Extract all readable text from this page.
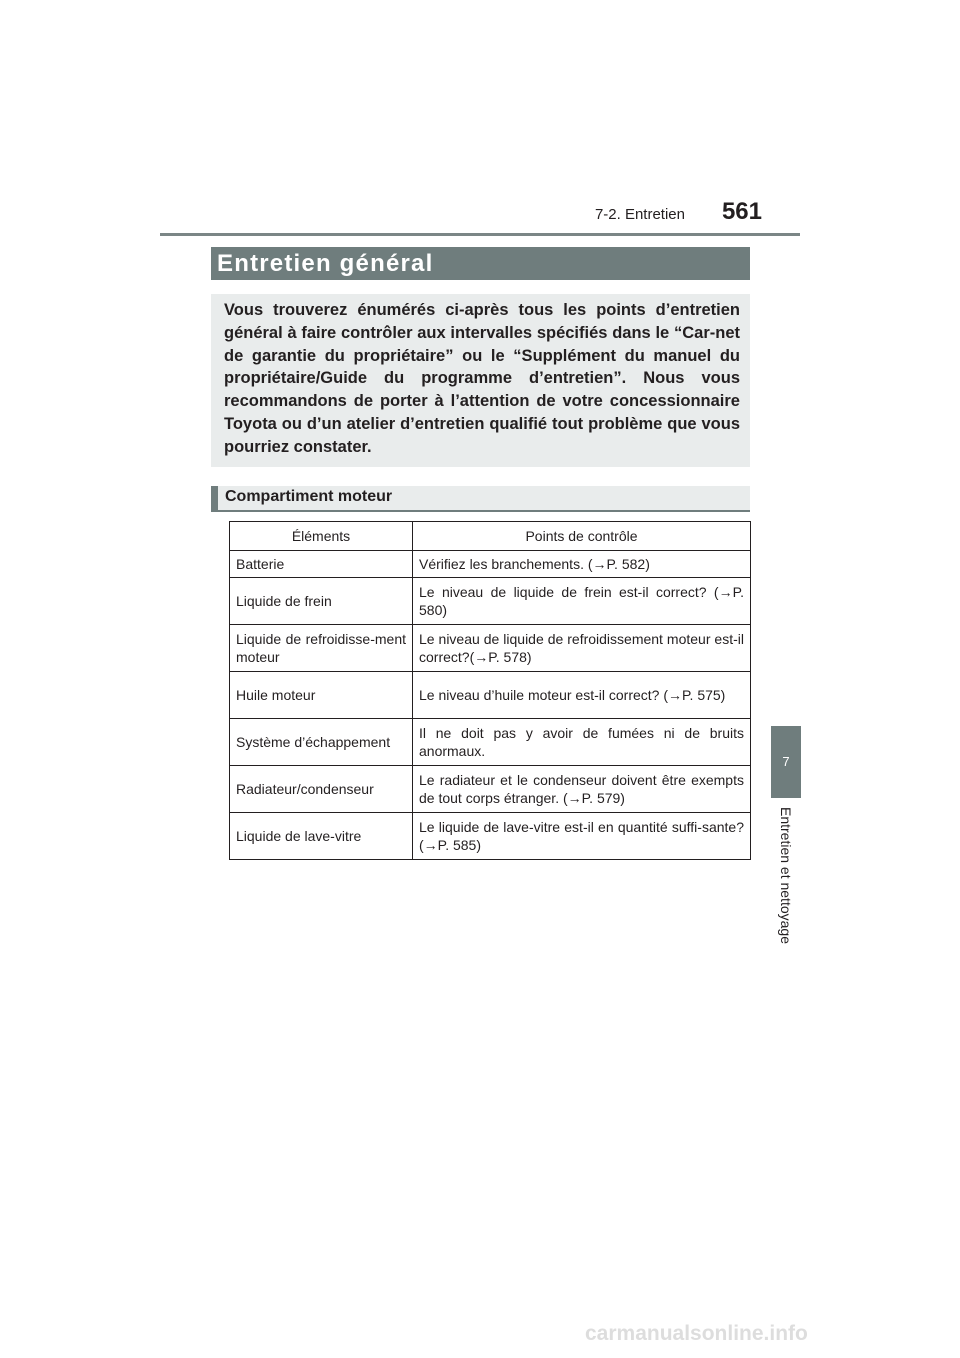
7-2. Entretien	561
7
Entretien et nettoyage
Entretien général

Vous trouverez énumérés ci-après tous les points d’entretien général à faire contrôler aux intervalles spécifiés dans le “Car-net de garantie du propriétaire” ou le “Supplément du manuel du propriétaire/Guide du programme d’entretien”. Nous vous recommandons de porter à l’attention de votre concessionnaire Toyota ou d’un atelier d’entretien qualifié tout problème que vous pourriez constater.

Compartiment moteur
Éléments	Points de contrôle
Batterie	Vérifiez les branchements. (→P. 582)
Liquide de frein	Le niveau de liquide de frein est-il correct? (→P. 580)
Liquide de refroidisse-ment moteur	Le niveau de liquide de refroidissement moteur est-il correct?(→P. 578)
Huile moteur	Le niveau d’huile moteur est-il correct? (→P. 575)
Système d’échappement	Il ne doit pas y avoir de fumées ni de bruits anormaux.
Radiateur/condenseur	Le radiateur et le condenseur doivent être exempts de tout corps étranger. (→P. 579)
Liquide de lave-vitre	Le liquide de lave-vitre est-il en quantité suffi-sante?(→P. 585)
carmanualsonline.info
